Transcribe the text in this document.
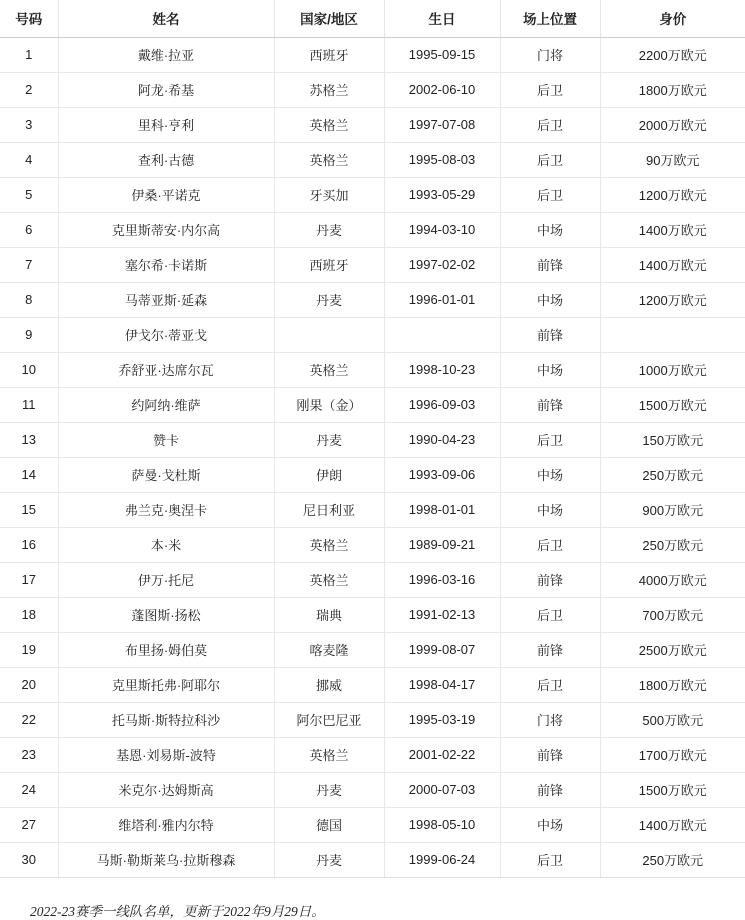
号码	姓名	国家/地区	生日	场上位置	身价
1	戴维·拉亚	西班牙	1995-09-15	门将	2200万欧元
2	阿龙·希基	苏格兰	2002-06-10	后卫	1800万欧元
3	里科·亨利	英格兰	1997-07-08	后卫	2000万欧元
4	查利·古德	英格兰	1995-08-03	后卫	90万欧元
5	伊桑·平诺克	牙买加	1993-05-29	后卫	1200万欧元
6	克里斯蒂安·内尔高	丹麦	1994-03-10	中场	1400万欧元
7	塞尔希·卡诺斯	西班牙	1997-02-02	前锋	1400万欧元
8	马蒂亚斯·延森	丹麦	1996-01-01	中场	1200万欧元
9	伊戈尔·蒂亚戈			前锋	
10	乔舒亚·达席尔瓦	英格兰	1998-10-23	中场	1000万欧元
11	约阿纳·维萨	刚果（金）	1996-09-03	前锋	1500万欧元
13	赞卡	丹麦	1990-04-23	后卫	150万欧元
14	萨曼·戈杜斯	伊朗	1993-09-06	中场	250万欧元
15	弗兰克·奥涅卡	尼日利亚	1998-01-01	中场	900万欧元
16	本·米	英格兰	1989-09-21	后卫	250万欧元
17	伊万·托尼	英格兰	1996-03-16	前锋	4000万欧元
18	蓬图斯·扬松	瑞典	1991-02-13	后卫	700万欧元
19	布里扬·姆伯莫	喀麦隆	1999-08-07	前锋	2500万欧元
20	克里斯托弗·阿耶尔	挪威	1998-04-17	后卫	1800万欧元
22	托马斯·斯特拉科沙	阿尔巴尼亚	1995-03-19	门将	500万欧元
23	基恩·刘易斯-波特	英格兰	2001-02-22	前锋	1700万欧元
24	米克尔·达姆斯高	丹麦	2000-07-03	前锋	1500万欧元
27	维塔利·雅内尔特	德国	1998-05-10	中场	1400万欧元
30	马斯·勒斯莱乌·拉斯穆森	丹麦	1999-06-24	后卫	250万欧元
2022-23赛季一线队名单，更新于2022年9月29日。
